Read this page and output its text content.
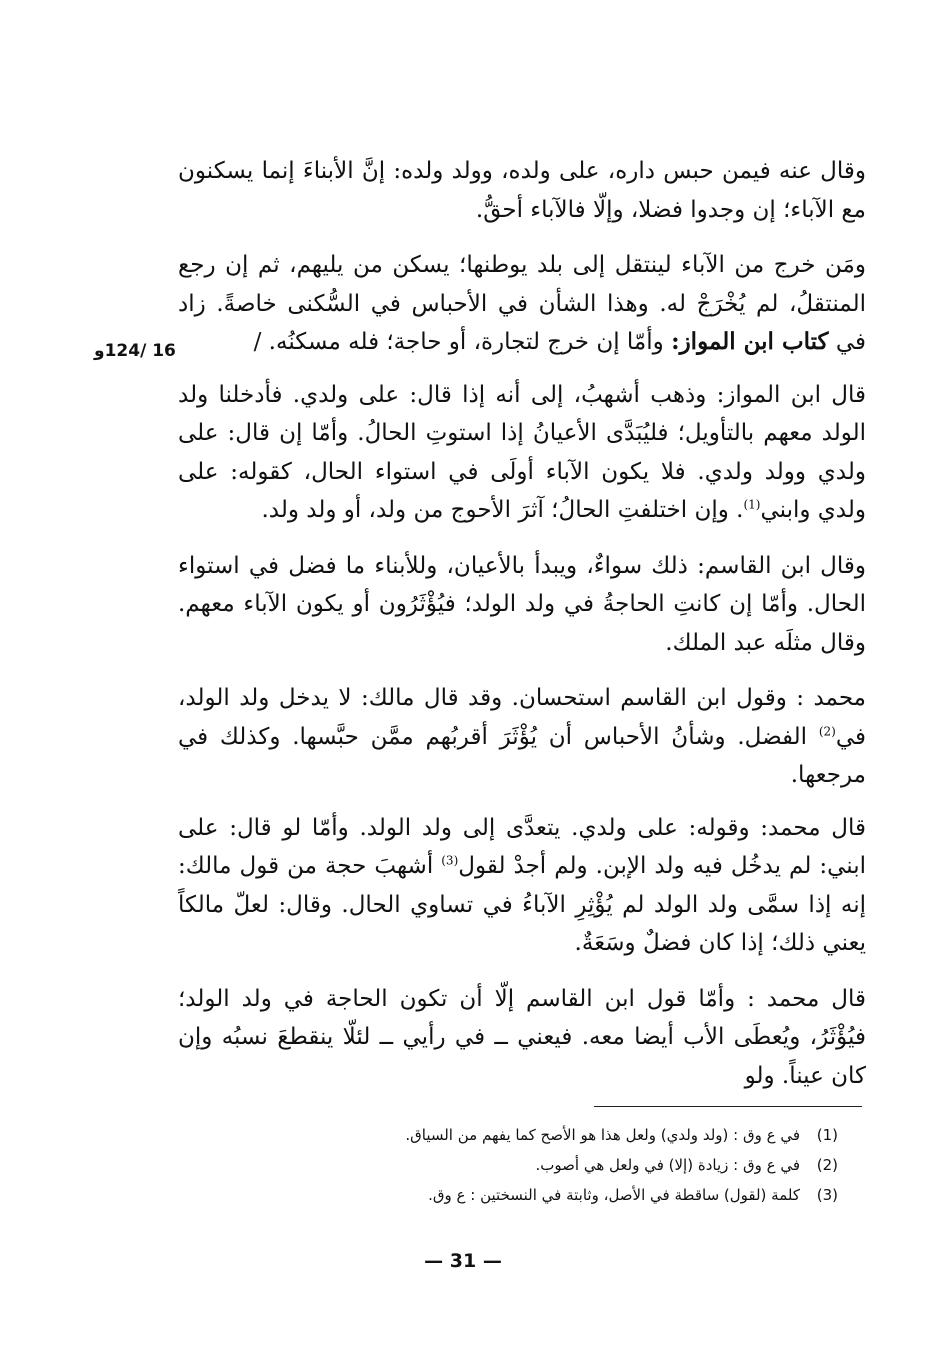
وقال عنه فيمن حبس داره، على ولده، وولد ولده: إنَّ الأبناءَ إنما يسكنون مع الآباء؛ إن وجدوا فضلا، وإلّا فالآباء أحقُّ.

ومَن خرج من الآباء لينتقل إلى بلد يوطنها؛ يسكن من يليهم، ثم إن رجع المنتقلُ، لم يُخْرَجْ له. وهذا الشأن في الأحباس في السُّكنى خاصةً. زاد في كتاب ابن المواز: وأمّا إن خرج لتجارة، أو حاجة؛ فله مسكنُه. /

قال ابن المواز: وذهب أشهبُ، إلى أنه إذا قال: على ولدي. فأدخلنا ولد الولد معهم بالتأويل؛ فليُبَدَّى الأعيانُ إذا استوتِ الحالُ. وأمّا إن قال: على ولدي وولد ولدي. فلا يكون الآباء أولَى في استواء الحال، كقوله: على ولدي وابني$^{(1)}$. وإن اختلفتِ الحالُ؛ آثرَ الأحوج من ولد، أو ولد ولد.

وقال ابن القاسم: ذلك سواءٌ، ويبدأ بالأعيان، وللأبناء ما فضل في استواء الحال. وأمّا إن كانتِ الحاجةُ في ولد الولد؛ فيُؤْثَرُون أو يكون الآباء معهم. وقال مثلَه عبد الملك.

محمد : وقول ابن القاسم استحسان. وقد قال مالك: لا يدخل ولد الولد، في$^{(2)}$ الفضل. وشأنُ الأحباس أن يُؤْثَرَ أقربُهم ممَّن حبَّسها. وكذلك في مرجعها.

قال محمد: وقوله: على ولدي. يتعدَّى إلى ولد الولد. وأمّا لو قال: على ابني: لم يدخُل فيه ولد الإبن. ولم أجدْ لقول$^{(3)}$ أشهبَ حجة من قول مالك: إنه إذا سمَّى ولد الولد لم يُؤْثِرِ الآباءُ في تساوي الحال. وقال: لعلّ مالكاً يعني ذلك؛ إذا كان فضلٌ وسَعَةٌ.

قال محمد : وأمّا قول ابن القاسم إلّا أن تكون الحاجة في ولد الولد؛ فيُؤْثَرُ، ويُعطَى الأب أيضا معه. فيعني ــ في رأيي ــ لئلّا ينقطعَ نسبُه وإن كان عيناً. ولو

16 /124و
(1)
في ع وق : (ولد ولدي) ولعل هذا هو الأصح كما يفهم من السياق.
(2)
في ع وق : زيادة (إلا) في ولعل هي أصوب.
(3)
كلمة (لقول) ساقطة في الأصل، وثابتة في النسختين : ع وق.
— 31 —
